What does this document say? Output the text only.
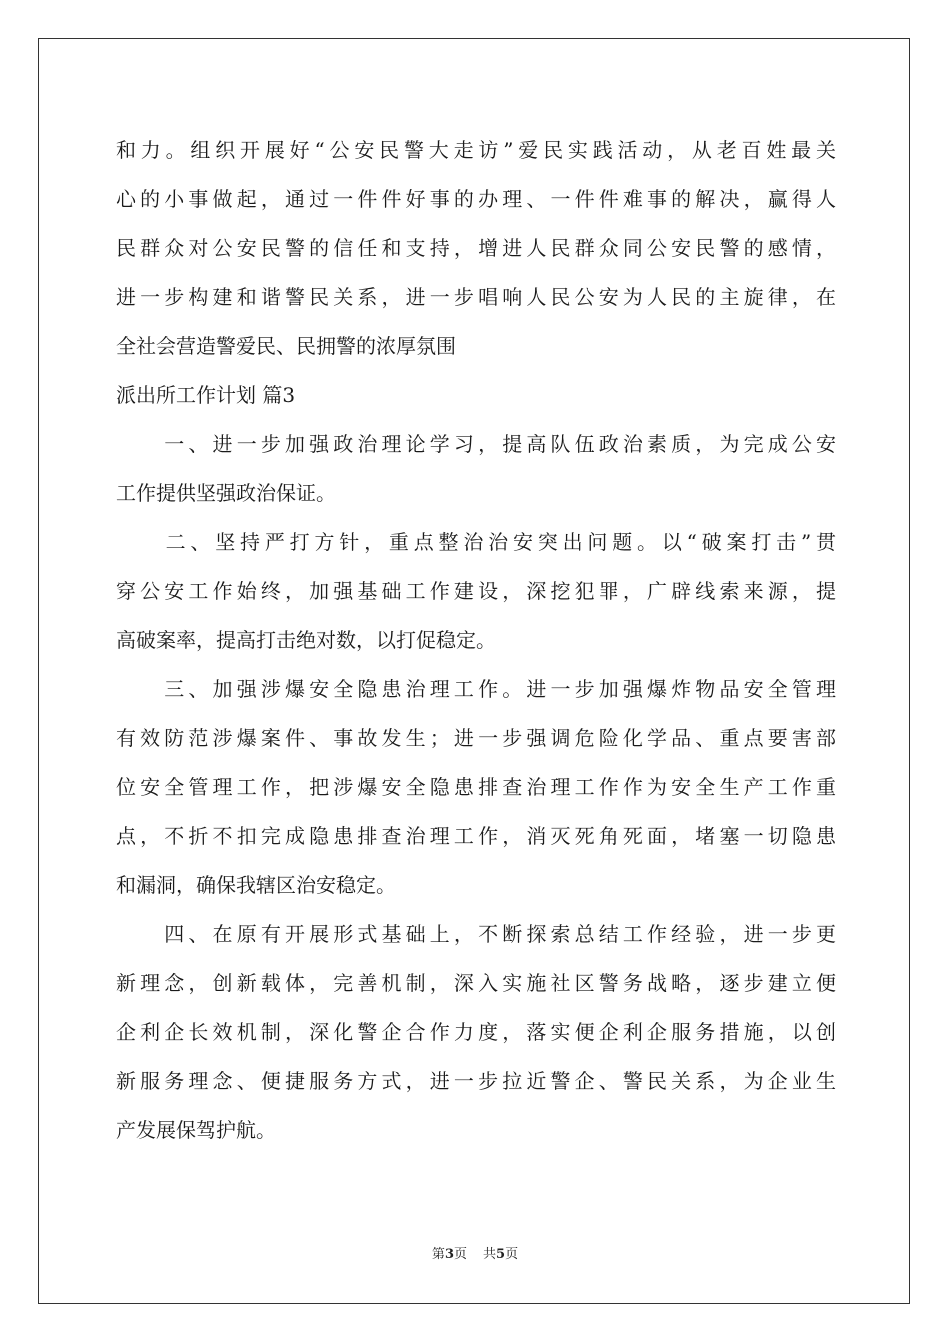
和力。组织开展好“公安民警大走访”爱民实践活动，从老百姓最关
心的小事做起，通过一件件好事的办理、一件件难事的解决，赢得人
民群众对公安民警的信任和支持，增进人民群众同公安民警的感情，
进一步构建和谐警民关系，进一步唱响人民公安为人民的主旋律，在
全社会营造警爱民、民拥警的浓厚氛围
派出所工作计划 篇3
　　一、进一步加强政治理论学习，提高队伍政治素质，为完成公安
工作提供坚强政治保证。
　　二、坚持严打方针，重点整治治安突出问题。以“破案打击”贯
穿公安工作始终，加强基础工作建设，深挖犯罪，广辟线索来源，提
高破案率，提高打击绝对数，以打促稳定。
　　三、加强涉爆安全隐患治理工作。进一步加强爆炸物品安全管理
有效防范涉爆案件、事故发生；进一步强调危险化学品、重点要害部
位安全管理工作，把涉爆安全隐患排查治理工作作为安全生产工作重
点，不折不扣完成隐患排查治理工作，消灭死角死面，堵塞一切隐患
和漏洞，确保我辖区治安稳定。
　　四、在原有开展形式基础上，不断探索总结工作经验，进一步更
新理念，创新载体，完善机制，深入实施社区警务战略，逐步建立便
企利企长效机制，深化警企合作力度，落实便企利企服务措施，以创
新服务理念、便捷服务方式，进一步拉近警企、警民关系，为企业生
产发展保驾护航。
第3页 共5页
